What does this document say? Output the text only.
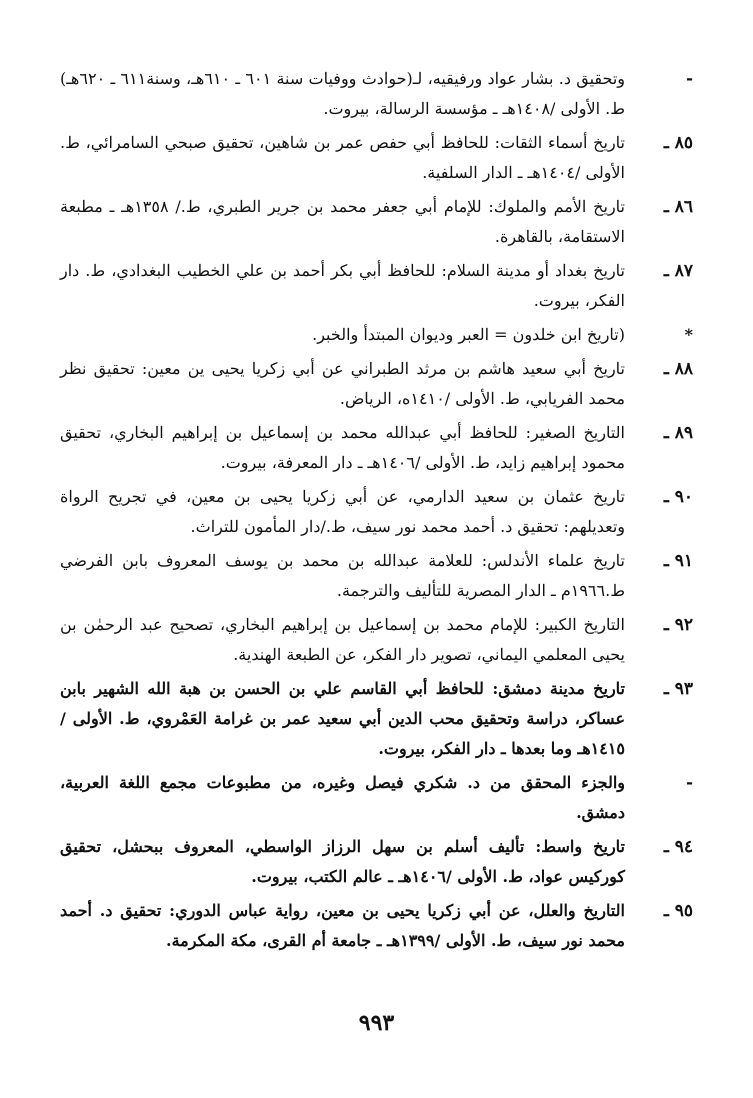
-
وتحقيق د. بشار عواد ورفيقيه، لـ(حوادث ووفيات سنة ٦٠١ ـ ٦١٠هـ، وسنة٦١١ ـ ٦٢٠هـ) ط. الأولى /١٤٠٨هـ ـ مؤسسة الرسالة، بيروت.
٨٥ ـ
تاريخ أسماء الثقات: للحافظ أبي حفص عمر بن شاهين، تحقيق صبحي السامرائي، ط. الأولى /١٤٠٤هـ ـ الدار السلفية.
٨٦ ـ
تاريخ الأمم والملوك: للإمام أبي جعفر محمد بن جرير الطبري، ط./ ١٣٥٨هـ ـ مطبعة الاستقامة، بالقاهرة.
٨٧ ـ
تاريخ بغداد أو مدينة السلام: للحافظ أبي بكر أحمد بن علي الخطيب البغدادي، ط. دار الفكر، بيروت.
*
(تاريخ ابن خلدون = العبر وديوان المبتدأ والخبر.
٨٨ ـ
تاريخ أبي سعيد هاشم بن مرثد الطبراني عن أبي زكريا يحيى ين معين: تحقيق نظر محمد الفريابي، ط. الأولى /١٤١٠ه، الرياض.
٨٩ ـ
التاريخ الصغير: للحافظ أبي عبدالله محمد بن إسماعيل بن إبراهيم البخاري، تحقيق محمود إبراهيم زايد، ط. الأولى /١٤٠٦هـ ـ دار المعرفة، بيروت.
٩٠ ـ
تاريخ عثمان بن سعيد الدارمي، عن أبي زكريا يحيى بن معين، في تجريح الرواة وتعديلهم: تحقيق د. أحمد محمد نور سيف، ط./دار المأمون للتراث.
٩١ ـ
تاريخ علماء الأندلس: للعلامة عبدالله بن محمد بن يوسف المعروف بابن الفرضي ط.١٩٦٦م ـ الدار المصرية للتأليف والترجمة.
٩٢ ـ
التاريخ الكبير: للإمام محمد بن إسماعيل بن إبراهيم البخاري، تصحيح عبد الرحمٰن بن يحيى المعلمي اليماني، تصوير دار الفكر، عن الطبعة الهندية.
٩٣ ـ
تاريخ مدينة دمشق: للحافظ أبي القاسم علي بن الحسن بن هبة الله الشهير بابن عساكر، دراسة وتحقيق محب الدين أبي سعيد عمر بن غرامة العَمْروي، ط. الأولى /١٤١٥هـ وما بعدها ـ دار الفكر، بيروت.
-
والجزء المحقق من د. شكري فيصل وغيره، من مطبوعات مجمع اللغة العربية، دمشق.
٩٤ ـ
تاريخ واسط: تأليف أسلم بن سهل الرزاز الواسطي، المعروف ببحشل، تحقيق كوركيس عواد، ط. الأولى /١٤٠٦هـ ـ عالم الكتب، بيروت.
٩٥ ـ
التاريخ والعلل، عن أبي زكريا يحيى بن معين، رواية عباس الدوري: تحقيق د. أحمد محمد نور سيف، ط. الأولى /١٣٩٩هـ ـ جامعة أم القرى، مكة المكرمة.
٩٩٣
